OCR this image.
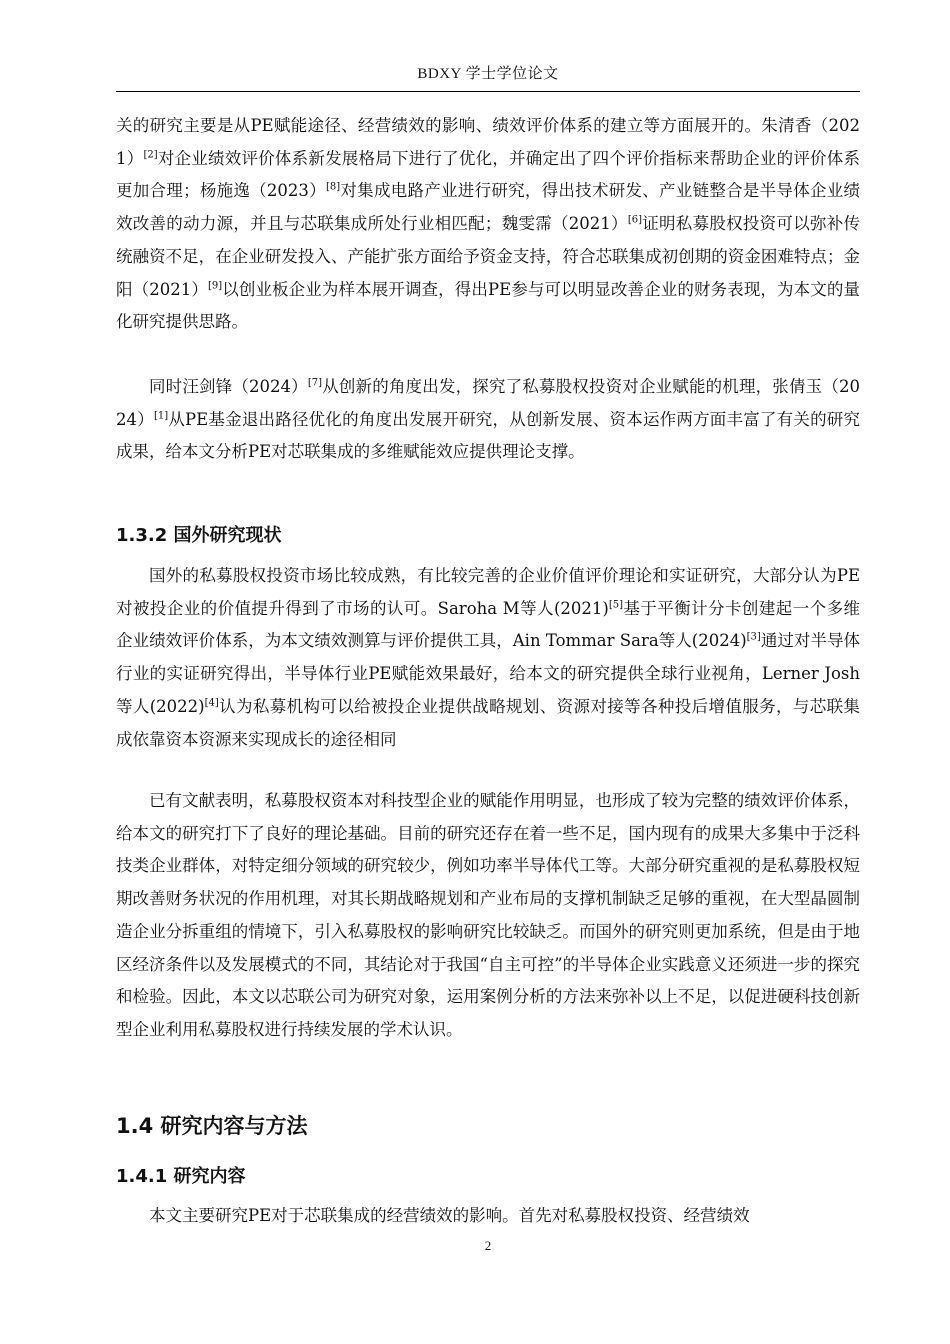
BDXY 学士学位论文

关的研究主要是从PE赋能途径、经营绩效的影响、绩效评价体系的建立等方面展开的。朱清香（2021）[2]对企业绩效评价体系新发展格局下进行了优化，并确定出了四个评价指标来帮助企业的评价体系更加合理；杨施逸（2023）[8]对集成电路产业进行研究，得出技术研发、产业链整合是半导体企业绩效改善的动力源，并且与芯联集成所处行业相匹配；魏雯霈（2021）[6]证明私募股权投资可以弥补传统融资不足，在企业研发投入、产能扩张方面给予资金支持，符合芯联集成初创期的资金困难特点；金阳（2021）[9]以创业板企业为样本展开调查，得出PE参与可以明显改善企业的财务表现，为本文的量化研究提供思路。

同时汪剑锋（2024）[7]从创新的角度出发，探究了私募股权投资对企业赋能的机理，张倩玉（2024）[1]从PE基金退出路径优化的角度出发展开研究，从创新发展、资本运作两方面丰富了有关的研究成果，给本文分析PE对芯联集成的多维赋能效应提供理论支撑。

1.3.2 国外研究现状

国外的私募股权投资市场比较成熟，有比较完善的企业价值评价理论和实证研究，大部分认为PE对被投企业的价值提升得到了市场的认可。Saroha M等人(2021)[5]基于平衡计分卡创建起一个多维企业绩效评价体系，为本文绩效测算与评价提供工具，Ain Tommar Sara等人(2024)[3]通过对半导体行业的实证研究得出，半导体行业PE赋能效果最好，给本文的研究提供全球行业视角，Lerner Josh等人(2022)[4]认为私募机构可以给被投企业提供战略规划、资源对接等各种投后增值服务，与芯联集成依靠资本资源来实现成长的途径相同

已有文献表明，私募股权资本对科技型企业的赋能作用明显，也形成了较为完整的绩效评价体系，给本文的研究打下了良好的理论基础。目前的研究还存在着一些不足，国内现有的成果大多集中于泛科技类企业群体，对特定细分领域的研究较少，例如功率半导体代工等。大部分研究重视的是私募股权短期改善财务状况的作用机理，对其长期战略规划和产业布局的支撑机制缺乏足够的重视，在大型晶圆制造企业分拆重组的情境下，引入私募股权的影响研究比较缺乏。而国外的研究则更加系统，但是由于地区经济条件以及发展模式的不同，其结论对于我国“自主可控”的半导体企业实践意义还须进一步的探究和检验。因此，本文以芯联公司为研究对象，运用案例分析的方法来弥补以上不足，以促进硬科技创新型企业利用私募股权进行持续发展的学术认识。

1.4 研究内容与方法
1.4.1 研究内容

本文主要研究PE对于芯联集成的经营绩效的影响。首先对私募股权投资、经营绩效

2
